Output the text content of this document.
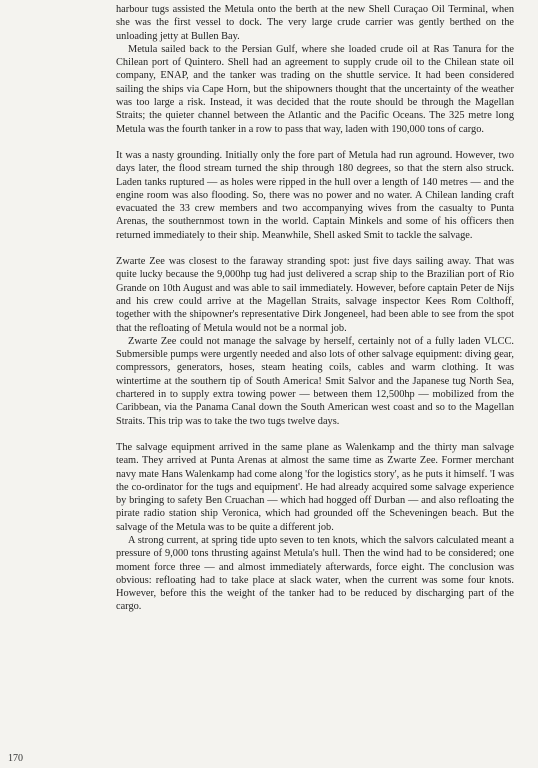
harbour tugs assisted the Metula onto the berth at the new Shell Curaçao Oil Terminal, when she was the first vessel to dock. The very large crude carrier was gently berthed on the unloading jetty at Bullen Bay.

Metula sailed back to the Persian Gulf, where she loaded crude oil at Ras Tanura for the Chilean port of Quintero. Shell had an agreement to supply crude oil to the Chilean state oil company, ENAP, and the tanker was trading on the shuttle service. It had been considered sailing the ships via Cape Horn, but the shipowners thought that the uncertainty of the weather was too large a risk. Instead, it was decided that the route should be through the Magellan Straits; the quieter channel between the Atlantic and the Pacific Oceans. The 325 metre long Metula was the fourth tanker in a row to pass that way, laden with 190,000 tons of cargo.

It was a nasty grounding. Initially only the fore part of Metula had run aground. However, two days later, the flood stream turned the ship through 180 degrees, so that the stern also struck. Laden tanks ruptured — as holes were ripped in the hull over a length of 140 metres — and the engine room was also flooding. So, there was no power and no water. A Chilean landing craft evacuated the 33 crew members and two accompanying wives from the casualty to Punta Arenas, the southernmost town in the world. Captain Minkels and some of his officers then returned immediately to their ship. Meanwhile, Shell asked Smit to tackle the salvage.

Zwarte Zee was closest to the faraway stranding spot: just five days sailing away. That was quite lucky because the 9,000hp tug had just delivered a scrap ship to the Brazilian port of Rio Grande on 10th August and was able to sail immediately. However, before captain Peter de Nijs and his crew could arrive at the Magellan Straits, salvage inspector Kees Rom Colthoff, together with the shipowner's representative Dirk Jongeneel, had been able to see from the spot that the refloating of Metula would not be a normal job.

Zwarte Zee could not manage the salvage by herself, certainly not of a fully laden VLCC. Submersible pumps were urgently needed and also lots of other salvage equipment: diving gear, compressors, generators, hoses, steam heating coils, cables and warm clothing. It was wintertime at the southern tip of South America! Smit Salvor and the Japanese tug North Sea, chartered in to supply extra towing power — between them 12,500hp — mobilized from the Caribbean, via the Panama Canal down the South American west coast and so to the Magellan Straits. This trip was to take the two tugs twelve days.

The salvage equipment arrived in the same plane as Walenkamp and the thirty man salvage team. They arrived at Punta Arenas at almost the same time as Zwarte Zee. Former merchant navy mate Hans Walenkamp had come along 'for the logistics story', as he puts it himself. 'I was the co-ordinator for the tugs and equipment'. He had already acquired some salvage experience by bringing to safety Ben Cruachan — which had hogged off Durban — and also refloating the pirate radio station ship Veronica, which had grounded off the Scheveningen beach. But the salvage of the Metula was to be quite a different job.

A strong current, at spring tide upto seven to ten knots, which the salvors calculated meant a pressure of 9,000 tons thrusting against Metula's hull. Then the wind had to be considered; one moment force three — and almost immediately afterwards, force eight. The conclusion was obvious: refloating had to take place at slack water, when the current was some four knots. However, before this the weight of the tanker had to be reduced by discharging part of the cargo.

170
